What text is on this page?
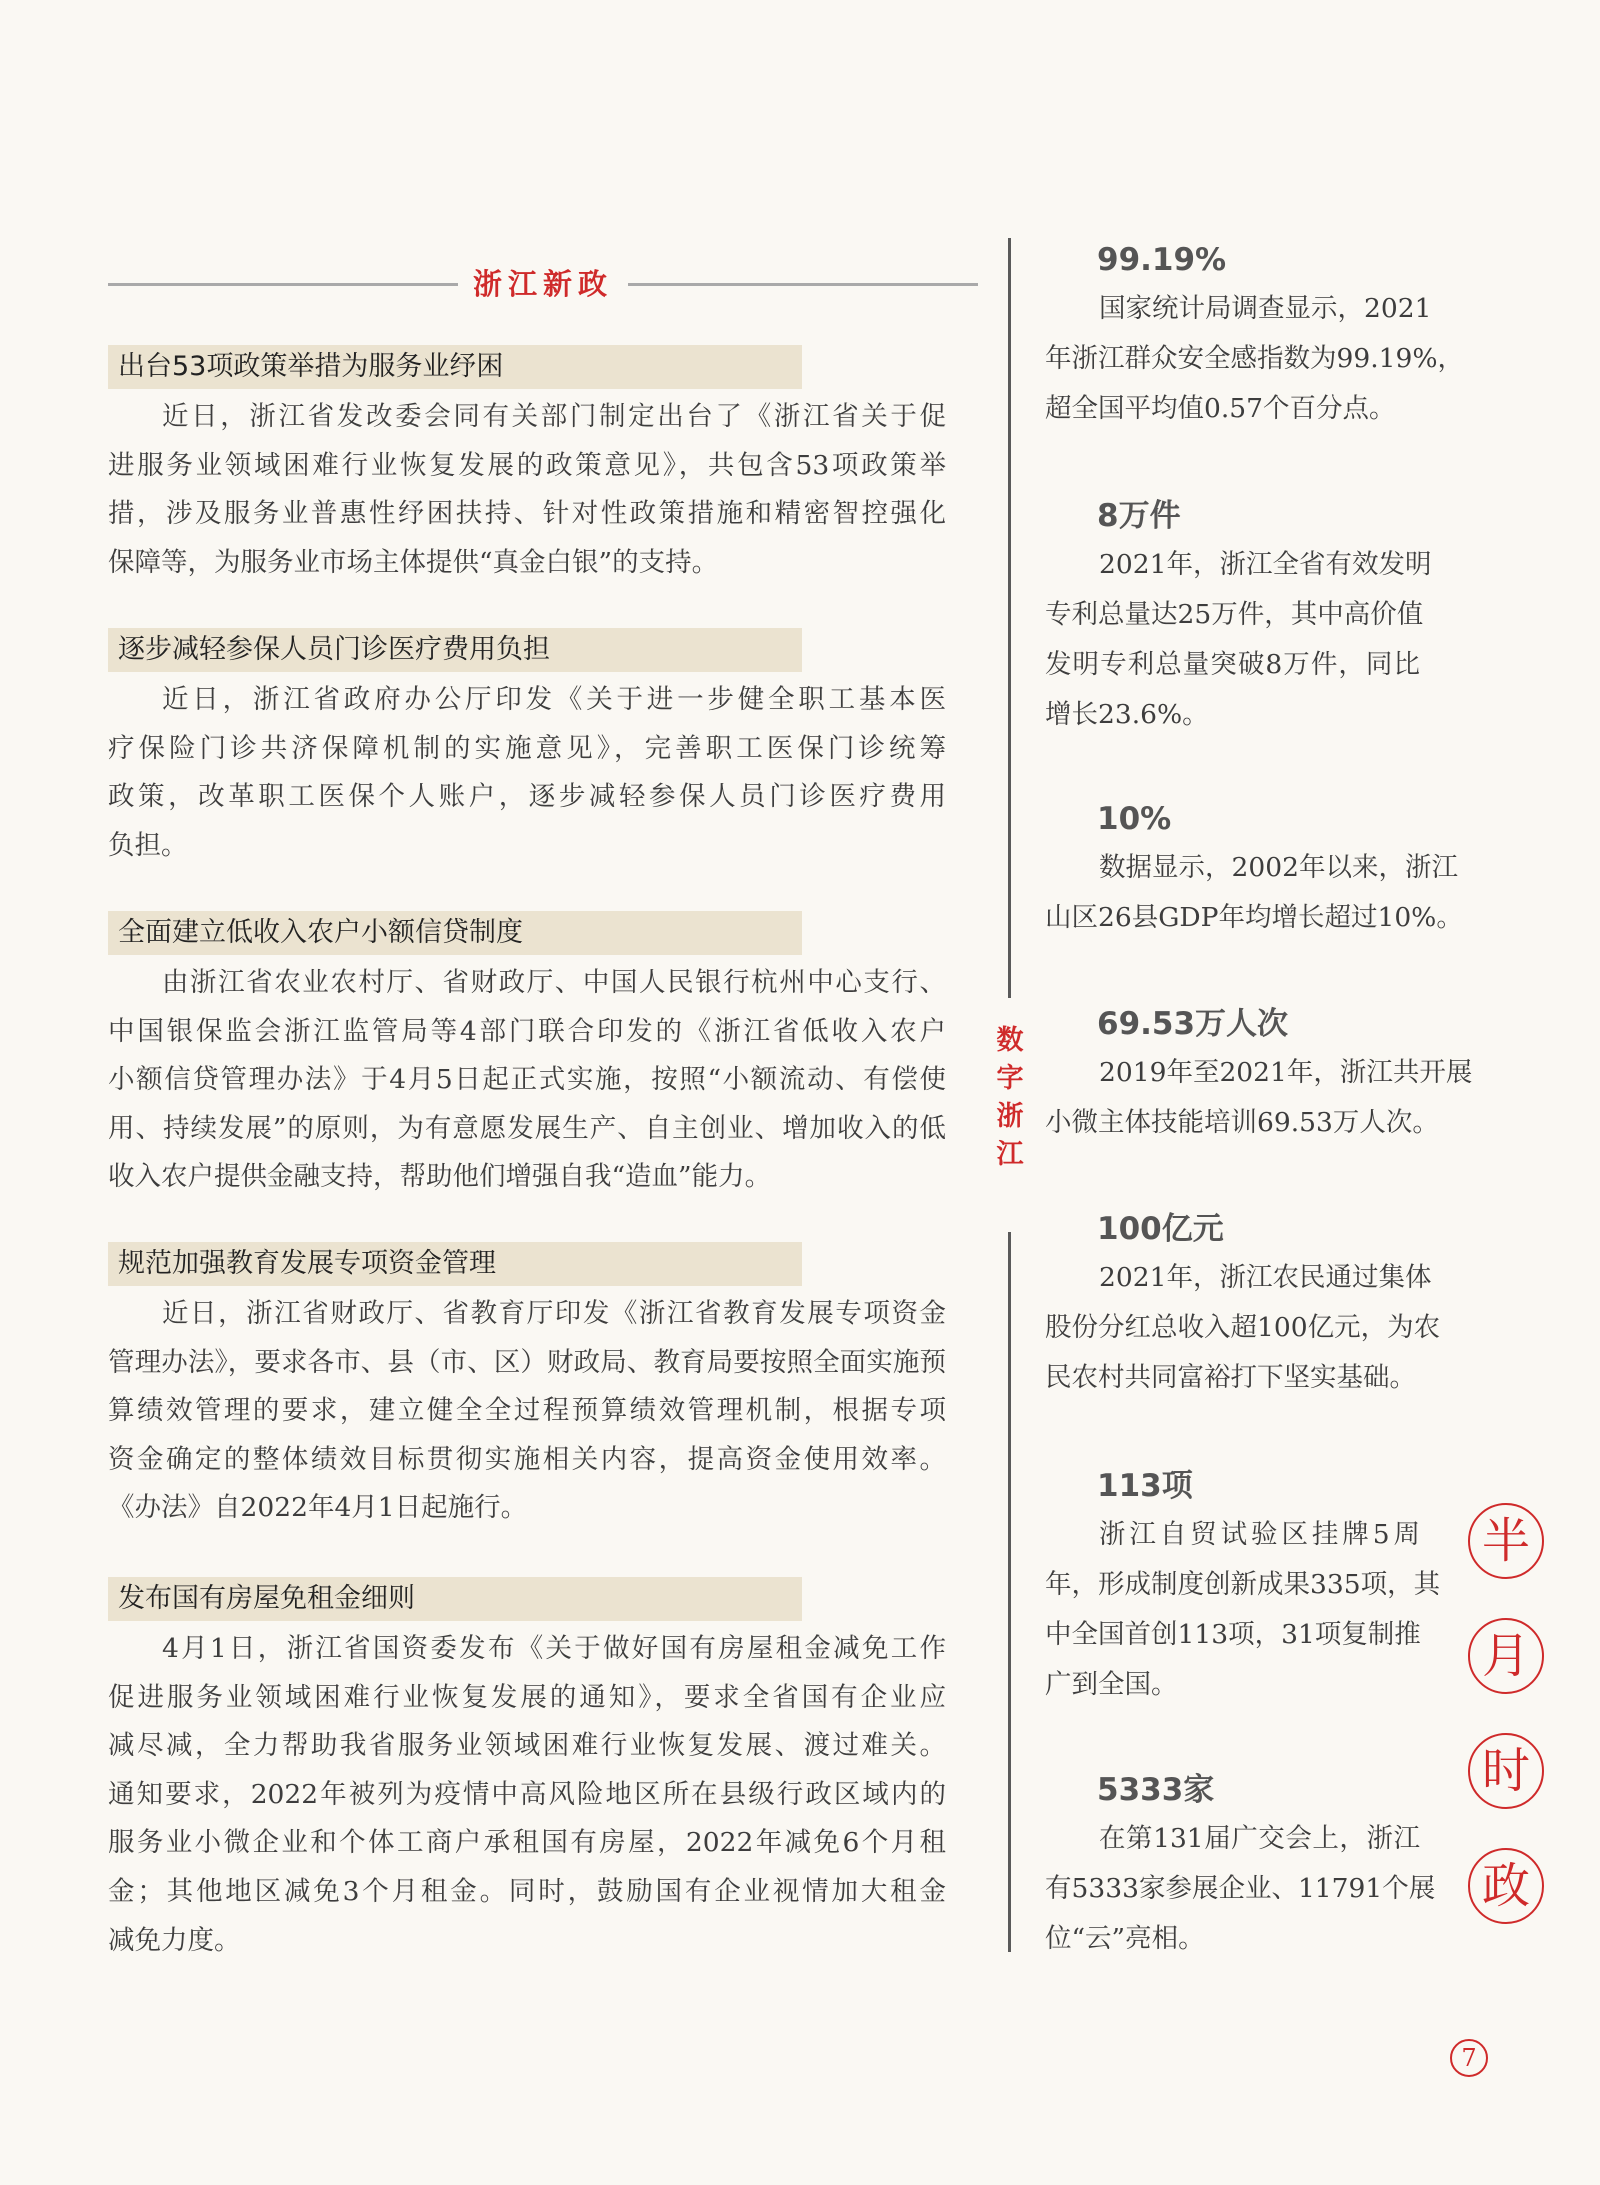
浙江新政
出台53项政策举措为服务业纾困
近日，浙江省发改委会同有关部门制定出台了《浙江省关于促
进服务业领域困难行业恢复发展的政策意见》，共包含53项政策举
措，涉及服务业普惠性纾困扶持、针对性政策措施和精密智控强化
保障等，为服务业市场主体提供“真金白银”的支持。
逐步减轻参保人员门诊医疗费用负担
近日，浙江省政府办公厅印发《关于进一步健全职工基本医
疗保险门诊共济保障机制的实施意见》，完善职工医保门诊统筹
政策，改革职工医保个人账户，逐步减轻参保人员门诊医疗费用
负担。
全面建立低收入农户小额信贷制度
由浙江省农业农村厅、省财政厅、中国人民银行杭州中心支行、
中国银保监会浙江监管局等4部门联合印发的《浙江省低收入农户
小额信贷管理办法》于4月5日起正式实施，按照“小额流动、有偿使
用、持续发展”的原则，为有意愿发展生产、自主创业、增加收入的低
收入农户提供金融支持，帮助他们增强自我“造血”能力。
规范加强教育发展专项资金管理
近日，浙江省财政厅、省教育厅印发《浙江省教育发展专项资金
管理办法》，要求各市、县（市、区）财政局、教育局要按照全面实施预
算绩效管理的要求，建立健全全过程预算绩效管理机制，根据专项
资金确定的整体绩效目标贯彻实施相关内容，提高资金使用效率。
《办法》自2022年4月1日起施行。
发布国有房屋免租金细则
4月1日，浙江省国资委发布《关于做好国有房屋租金减免工作
促进服务业领域困难行业恢复发展的通知》，要求全省国有企业应
减尽减，全力帮助我省服务业领域困难行业恢复发展、渡过难关。
通知要求，2022年被列为疫情中高风险地区所在县级行政区域内的
服务业小微企业和个体工商户承租国有房屋，2022年减免6个月租
金；其他地区减免3个月租金。同时，鼓励国有企业视情加大租金
减免力度。
数
字
浙
江
99.19%
国家统计局调查显示，2021
年浙江群众安全感指数为99.19%，
超全国平均值0.57个百分点。
8万件
2021年，浙江全省有效发明
专利总量达25万件，其中高价值
发明专利总量突破8万件，同比
增长23.6%。
10%
数据显示，2002年以来，浙江
山区26县GDP年均增长超过10%。
69.53万人次
2019年至2021年，浙江共开展
小微主体技能培训69.53万人次。
100亿元
2021年，浙江农民通过集体
股份分红总收入超100亿元，为农
民农村共同富裕打下坚实基础。
113项
浙江自贸试验区挂牌5周
年，形成制度创新成果335项，其
中全国首创113项，31项复制推
广到全国。
5333家
在第131届广交会上，浙江
有5333家参展企业、11791个展
位“云”亮相。
半
月
时
政
7
